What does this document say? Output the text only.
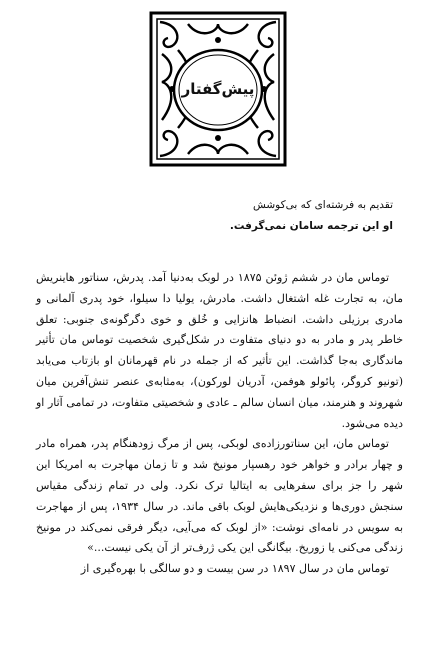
پیش‌گفتار
تقدیم به فرشته‌ای که بی‌کوشش
او این ترجمه سامان نمی‌گرفت.

توماس مان در ششم ژوئن ۱۸۷۵ در لوبک به‌دنیا آمد. پدرش، سناتور هاینریش مان، به تجارت غله اشتغال داشت. مادرش، یولیا دا سیلوا، خود پدری آلمانی و مادری برزیلی داشت. انضباط هانزایی و خُلق و خوی دگرگونه‌ی جنوبی: تعلق خاطر پدر و مادر به دو دنیای متفاوت در شکل‌گیری شخصیت توماس مان تأثیر ماندگاری به‌جا گذاشت. این تأثیر که از جمله در نام قهرمانان او بازتاب می‌یابد (تونیو کروگر، پائولو هوفمن، آدریان لورکون)، به‌مثابه‌ی عنصر تنش‌آفرین میان شهروند و هنرمند، میان انسان سالم ـ عادی و شخصیتی متفاوت، در تمامی آثار او دیده می‌شود.

توماس مان، این سناتورزاده‌ی لوبکی، پس از مرگ زودهنگام پدر، همراه مادر و چهار برادر و خواهر خود رهسپار مونیخ شد و تا زمان مهاجرت به امریکا این شهر را جز برای سفرهایی به ایتالیا ترک نکرد. ولی در تمام زندگی مقیاس سنجش دوری‌ها و نزدیکی‌هایش لوبک باقی ماند. در سال ۱۹۳۴، پس از مهاجرت به سویس در نامه‌ای نوشت: «از لوبک که می‌آیی، دیگر فرقی نمی‌کند در مونیخ زندگی می‌کنی یا زوریخ. بیگانگی این یکی ژرف‌تر از آن یکی نیست...»

توماس مان در سال ۱۸۹۷ در سن بیست و دو سالگی با بهره‌گیری از
